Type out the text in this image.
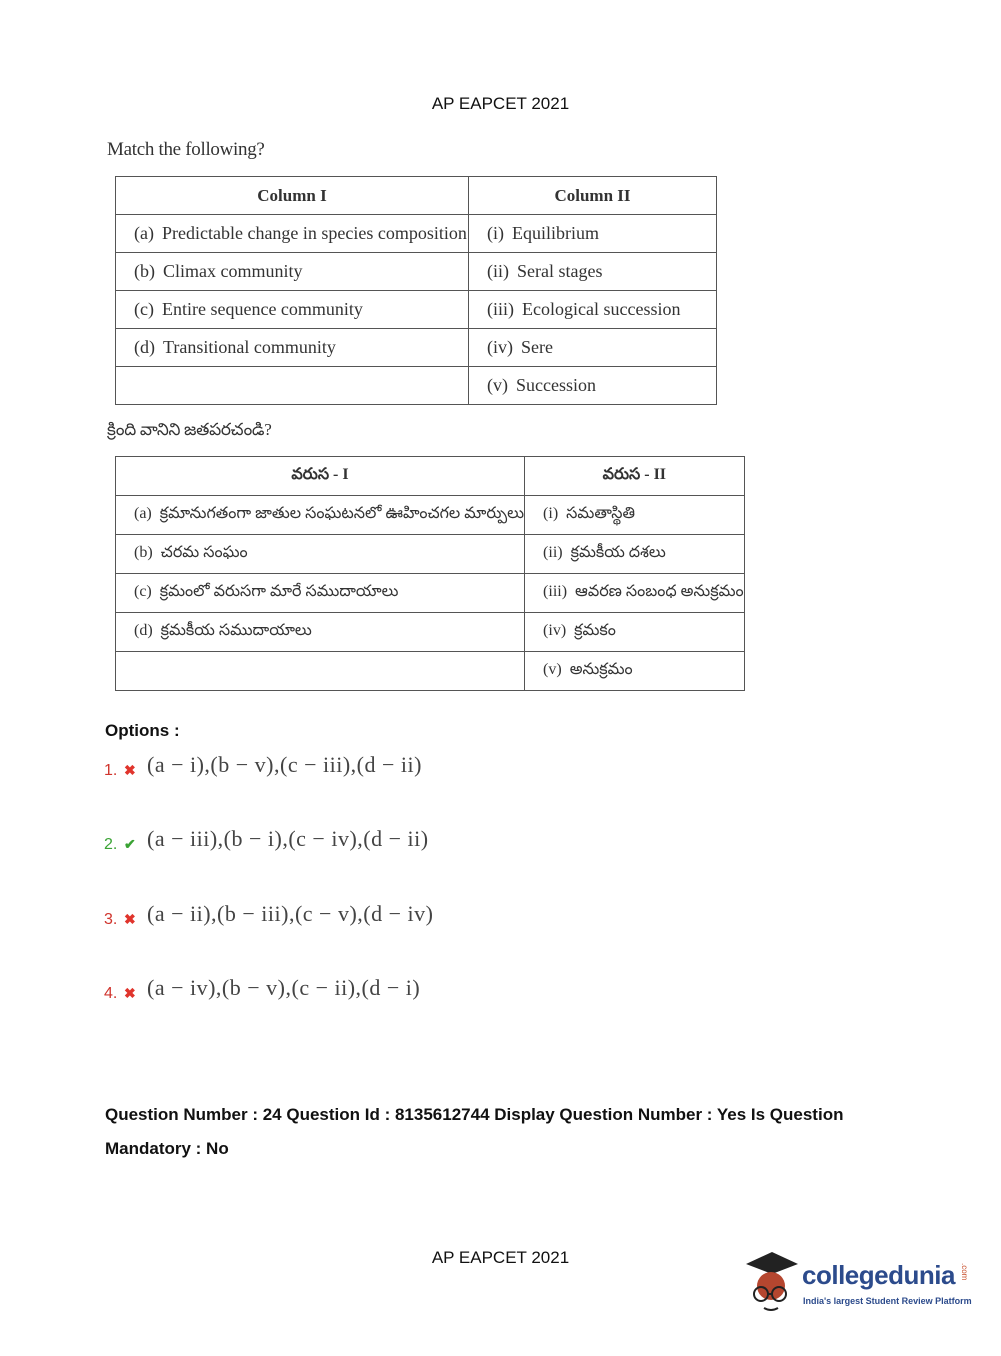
AP EAPCET 2021
Match the following?
Column I	Column II
(a) Predictable change in species composition	(i) Equilibrium
(b) Climax community	(ii) Seral stages
(c) Entire sequence community	(iii) Ecological succession
(d) Transitional community	(iv) Sere
	(v) Succession
క్రింది వానిని జతపరచండి?
వరుస - I	వరుస - II
(a) క్రమానుగతంగా జాతుల సంఘటనలో ఊహించగల మార్పులు	(i) సమతాస్థితి
(b) చరమ సంఘం	(ii) క్రమకీయ దశలు
(c) క్రమంలో వరుసగా మారే సముదాయాలు	(iii) ఆవరణ సంబంధ అనుక్రమం
(d) క్రమకీయ సముదాయాలు	(iv) క్రమకం
	(v) అనుక్రమం
Options :
1. ✖ (a − i),(b − v),(c − iii),(d − ii)
2. ✔ (a − iii),(b − i),(c − iv),(d − ii)
3. ✖ (a − ii),(b − iii),(c − v),(d − iv)
4. ✖ (a − iv),(b − v),(c − ii),(d − i)
Question Number : 24 Question Id : 8135612744 Display Question Number : Yes Is Question Mandatory : No
AP EAPCET 2021
collegedunia .com
India's largest Student Review Platform
